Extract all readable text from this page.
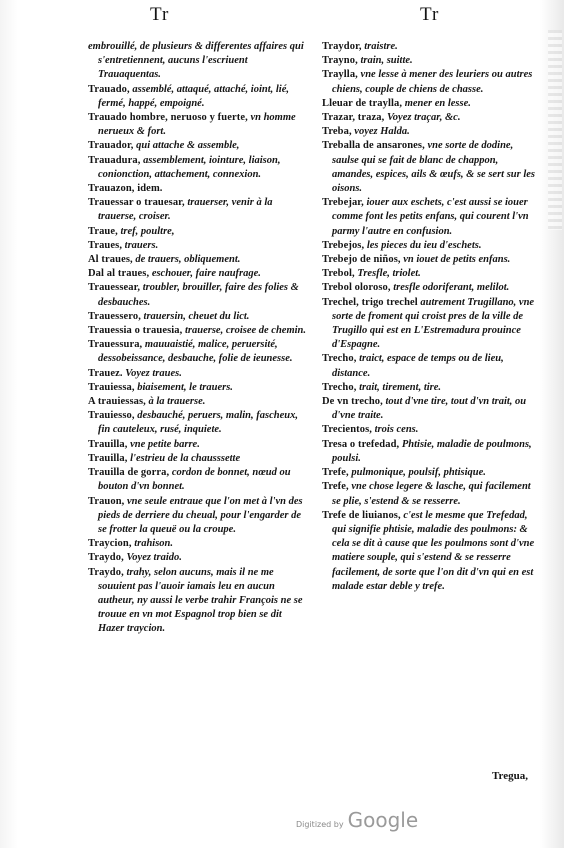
Tr	Tr

embrouillé, de plusieurs & differentes affaires qui s'entretiennent, aucuns l'escriuent Trauaquentas.

Trauado, assemblé, attaqué, attaché, ioint, lié, fermé, happé, empoigné.

Trauado hombre, neruoso y fuerte, vn homme nerueux & fort.

Trauador, qui attache & assemble,

Trauadura, assemblement, iointure, liaison, conionction, attachement, connexion.

Trauazon, idem.

Trauessar o trauesar, trauerser, venir à la trauerse, croiser.

Traue, tref, poultre,

Traues, trauers.

Al traues, de trauers, obliquement.

Dal al traues, eschouer, faire naufrage.

Trauessear, troubler, brouiller, faire des folies & desbauches.

Trauessero, trauersin, cheuet du lict.

Trauessia o trauesia, trauerse, croisee de chemin.

Trauessura, mauuaistié, malice, peruersité, dessobeissance, desbauche, folie de ieunesse.

Trauez. Voyez traues.

Trauiessa, biaisement, le trauers.

A trauiessas, à la trauerse.

Trauiesso, desbauché, peruers, malin, fascheux, fin cauteleux, rusé, inquiete.

Trauilla, vne petite barre.

Trauilla, l'estrieu de la chausssette

Trauilla de gorra, cordon de bonnet, nœud ou bouton d'vn bonnet.

Trauon, vne seule entraue que l'on met à l'vn des pieds de derriere du cheual, pour l'engarder de se frotter la queuë ou la croupe.

Traycion, trahison.

Traydo, Voyez traido.

Traydo, trahy, selon aucuns, mais il ne me souuient pas l'auoir iamais leu en aucun autheur, ny aussi le verbe trahir François ne se trouue en vn mot Espagnol trop bien se dit Hazer traycion.

Traydor, traistre.

Trayno, train, suitte.

Traylla, vne lesse à mener des leuriers ou autres chiens, couple de chiens de chasse.

Lleuar de traylla, mener en lesse.

Trazar, traza, Voyez traçar, &c.

Treba, voyez Halda.

Treballa de ansarones, vne sorte de dodine, saulse qui se fait de blanc de chappon, amandes, espices, ails & œufs, & se sert sur les oisons.

Trebejar, iouer aux eschets, c'est aussi se iouer comme font les petits enfans, qui courent l'vn parmy l'autre en confusion.

Trebejos, les pieces du ieu d'eschets.

Trebejo de niños, vn iouet de petits enfans.

Trebol, Tresfle, triolet.

Trebol oloroso, tresfle odoriferant, melilot.

Trechel, trigo trechel autrement Trugillano, vne sorte de froment qui croist pres de la ville de Trugillo qui est en L'Estremadura prouince d'Espagne.

Trecho, traict, espace de temps ou de lieu, distance.

Trecho, trait, tirement, tire.

De vn trecho, tout d'vne tire, tout d'vn trait, ou d'vne traite.

Trecientos, trois cens.

Tresa o trefedad, Phtisie, maladie de poulmons, poulsi.

Trefe, pulmonique, poulsif, phtisique.

Trefe, vne chose legere & lasche, qui facilement se plie, s'estend & se resserre.

Trefe de liuianos, c'est le mesme que Trefedad, qui signifie phtisie, maladie des poulmons: & cela se dit à cause que les poulmons sont d'vne matiere souple, qui s'estend & se resserre facilement, de sorte que l'on dit d'vn qui en est malade estar deble y trefe.

Tregua,
Digitized by Google
